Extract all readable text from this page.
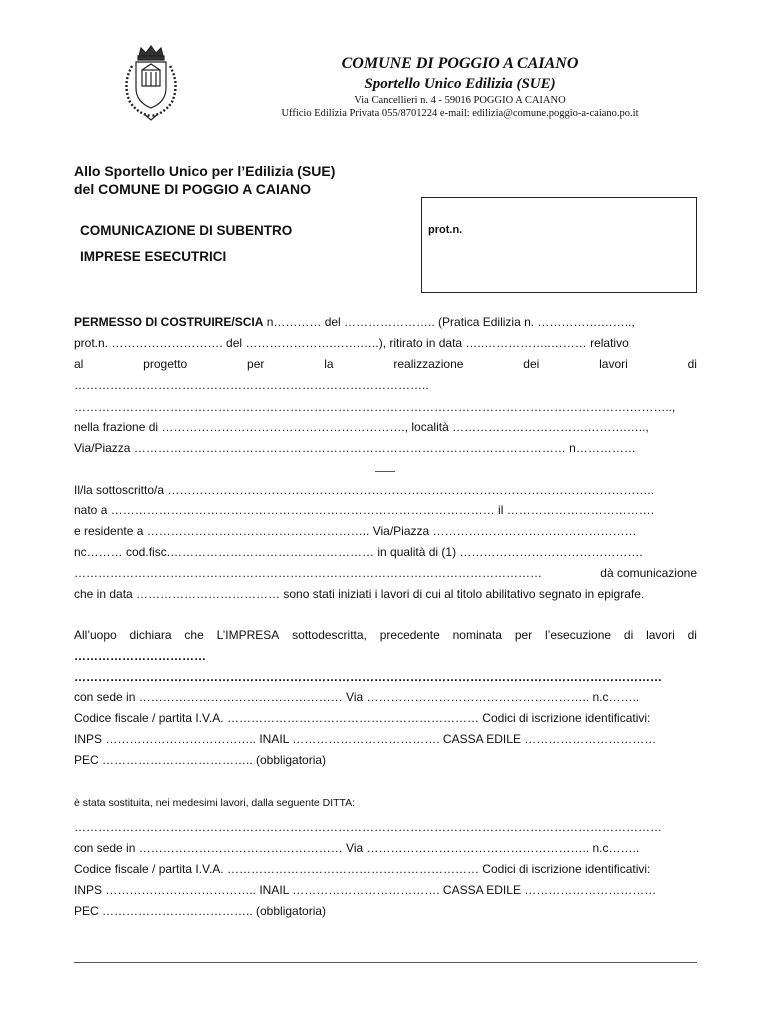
COMUNE DI POGGIO A CAIANO
Sportello Unico Edilizia (SUE)
Via Cancellieri n. 4 - 59016 POGGIO A CAIANO
Ufficio Edilizia Privata 055/8701224 e-mail: edilizia@comune.poggio-a-caiano.po.it
Allo Sportello Unico per l’Edilizia (SUE)
del COMUNE DI POGGIO A CAIANO
COMUNICAZIONE DI SUBENTRO
IMPRESE ESECUTRICI
prot.n.
PERMESSO DI COSTRUIRE/SCIA n………… del ………………….. (Pratica Edilizia n. …………….……..,
prot.n. ………………………. del ………………….…….…..), ritirato in data …..……………..……… relativo
al	progetto	per	la	realizzazione	dei	lavori	di
……………………………………………………………………………..
………………………………………………………………………………………………………………………….………..,
nella frazione di ……………………………………………………., località …………………………….……….…..,
Via/Piazza ……………………………………………………………………………………………… n……………
Il/la sottoscritto/a …………………………………………………………………………………………………………..
nato a …………………………………………………………………………………… il ……………………………….
e residente a ……………………………………………….. Via/Piazza ……………………………………………
nc……… cod.fisc.…………………………………………… in qualità di (1) ……………………………………….
………………………………………………………………………………………………………	dà comunicazione
che in data ……………………………… sono stati iniziati i lavori di cui al titolo abilitativo segnato in epigrafe.
All’uopo dichiara che L’IMPRESA sottodescritta, precedente nominata per l’esecuzione di lavori di
……………………………
…………………………………………………………………………………………………………………………………
con sede in …………………………………………… Via ……………………………………………….. n.c……..
Codice fiscale / partita I.V.A. ……………………………………………………… Codici di iscrizione identificativi:
INPS ……………………………….. INAIL ………………………………. CASSA EDILE ……………………………
PEC ……………………………….. (obbligatoria)
è stata sostituita, nei medesimi lavori, dalla seguente DITTA:
…………………………………………………………………………………………………………………………………
con sede in …………………………………………… Via ……………………………………………….. n.c……..
Codice fiscale / partita I.V.A. ……………………………………………………… Codici di iscrizione identificativi:
INPS ……………………………….. INAIL ………………………………. CASSA EDILE ……………………………
PEC ……………………………….. (obbligatoria)
